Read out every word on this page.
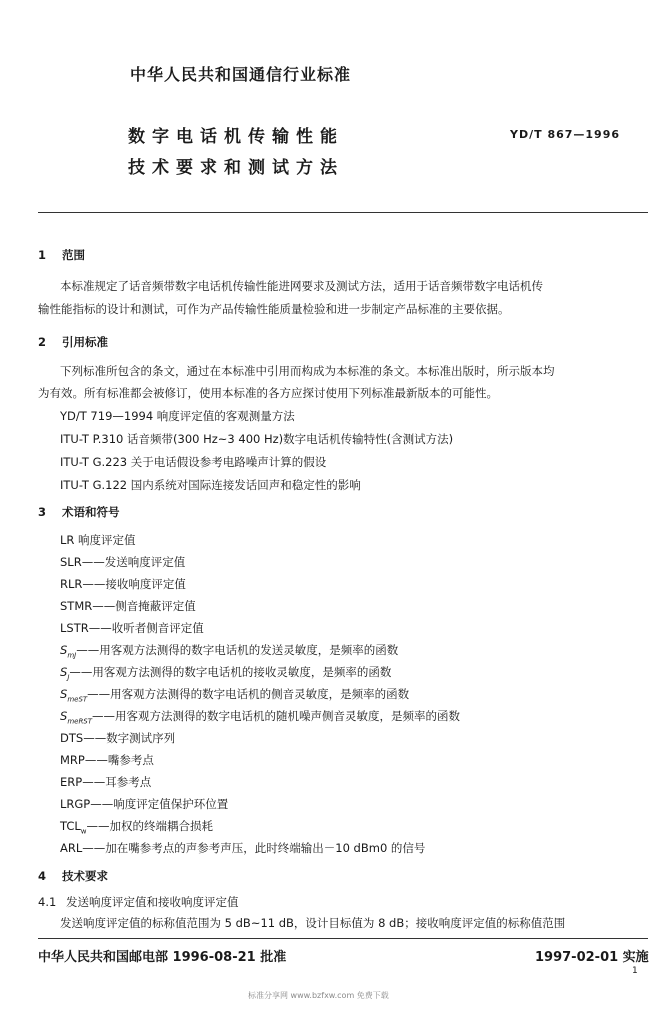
中华人民共和国通信行业标准
数字电话机传输性能
技术要求和测试方法
YD/T 867—1996
1 范围
本标准规定了话音频带数字电话机传输性能进网要求及测试方法，适用于话音频带数字电话机传
输性能指标的设计和测试，可作为产品传输性能质量检验和进一步制定产品标准的主要依据。
2 引用标准
下列标准所包含的条文，通过在本标准中引用而构成为本标准的条文。本标准出版时，所示版本均
为有效。所有标准都会被修订，使用本标准的各方应探讨使用下列标准最新版本的可能性。
YD/T 719—1994 响度评定值的客观测量方法
ITU-T P.310 话音频带(300 Hz~3 400 Hz)数字电话机传输特性(含测试方法)
ITU-T G.223 关于电话假设参考电路噪声计算的假设
ITU-T G.122 国内系统对国际连接发话回声和稳定性的影响
3 术语和符号
LR 响度评定值
SLR——发送响度评定值
RLR——接收响度评定值
STMR——侧音掩蔽评定值
LSTR——收听者侧音评定值
$S_{mJ}——$用客观方法测得的数字电话机的发送灵敏度，是频率的函数
$S_J——$用客观方法测得的数字电话机的接收灵敏度，是频率的函数
$S_{meST}——$用客观方法测得的数字电话机的侧音灵敏度，是频率的函数
$S_{meRST}——$用客观方法测得的数字电话机的随机噪声侧音灵敏度，是频率的函数
DTS——数字测试序列
MRP——嘴参考点
ERP——耳参考点
LRGP——响度评定值保护环位置
$TCL_w——$加权的终端耦合损耗
ARL——加在嘴参考点的声参考声压，此时终端输出－10 dBm0 的信号
4 技术要求
4.1 发送响度评定值和接收响度评定值
发送响度评定值的标称值范围为 5 dB~11 dB，设计目标值为 8 dB；接收响度评定值的标称值范围
中华人民共和国邮电部 1996-08-21 批准	1997-02-01 实施
1
标准分享网 www.bzfxw.com 免费下载
